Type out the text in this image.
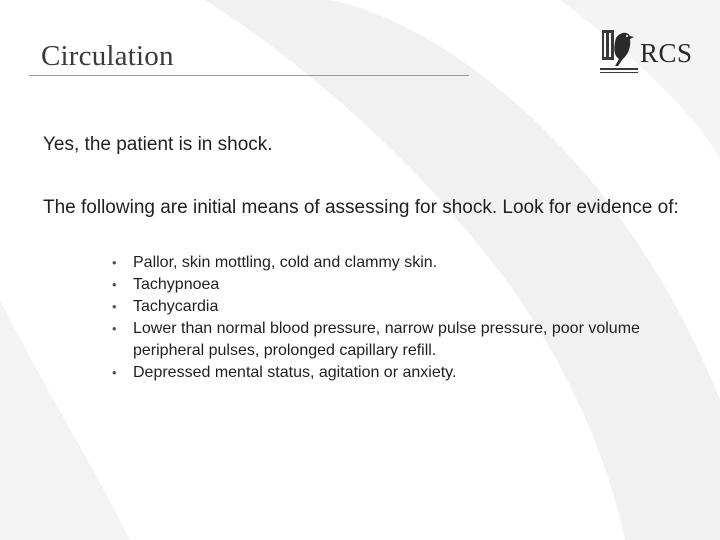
Circulation	RCS

Yes, the patient is in shock.

The following are initial means of assessing for shock. Look for evidence of:

• Pallor, skin mottling, cold and clammy skin.
• Tachypnoea
• Tachycardia
• Lower than normal blood pressure, narrow pulse pressure, poor volume peripheral pulses, prolonged capillary refill.
• Depressed mental status, agitation or anxiety.
